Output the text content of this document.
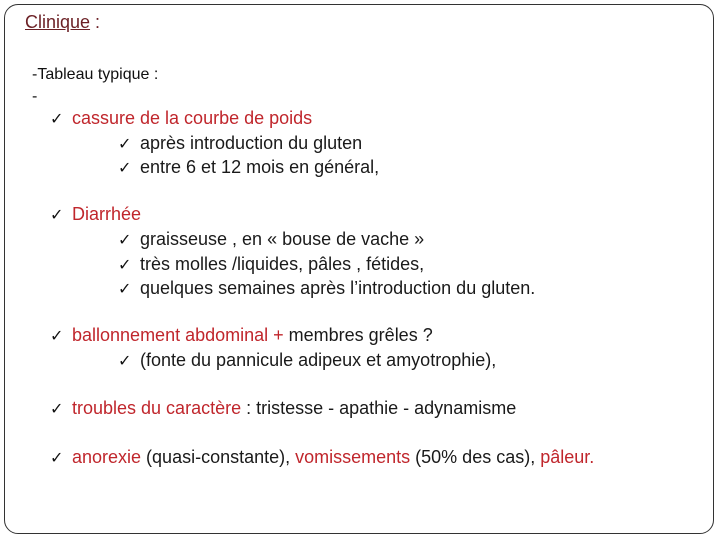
Clinique :
-Tableau typique :
-
✓ cassure de la courbe de poids
✓ après introduction du gluten
✓ entre 6 et 12 mois en général,
✓ Diarrhée
✓ graisseuse , en « bouse de vache »
✓ très molles /liquides, pâles , fétides,
✓ quelques semaines après l’introduction du gluten.
✓ ballonnement abdominal + membres grêles ?
✓ (fonte du pannicule adipeux et amyotrophie),
✓ troubles du caractère : tristesse - apathie - adynamisme
✓ anorexie (quasi-constante), vomissements (50% des cas), pâleur.
